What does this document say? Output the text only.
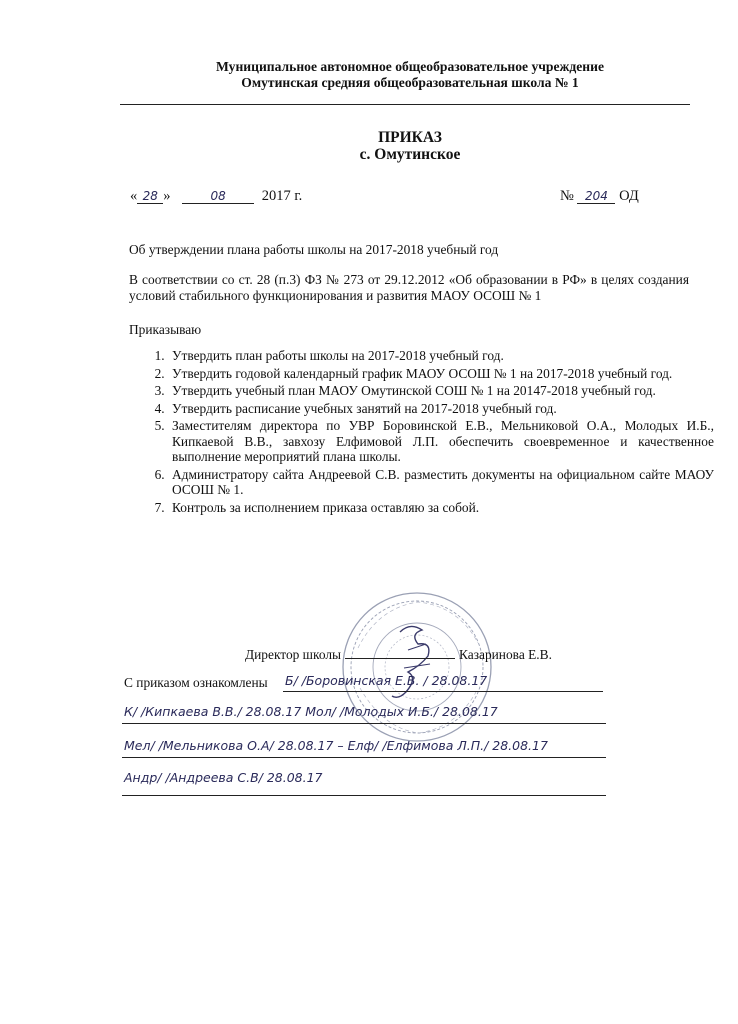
Муниципальное автономное общеобразовательное учреждение
Омутинская средняя общеобразовательная школа № 1
ПРИКАЗ
с. Омутинское
« 28 »	08 2017 г.	№ 204 ОД
Об утверждении плана работы школы на 2017-2018 учебный год
В соответствии со ст. 28 (п.3) ФЗ № 273 от 29.12.2012 «Об образовании в РФ» в целях создания условий стабильного функционирования и развития МАОУ ОСОШ № 1
Приказываю
1. Утвердить план работы школы на 2017-2018 учебный год.
2. Утвердить годовой календарный график МАОУ ОСОШ № 1 на 2017-2018 учебный год.
3. Утвердить учебный план МАОУ Омутинской СОШ № 1 на 20147-2018 учебный год.
4. Утвердить расписание учебных занятий на 2017-2018 учебный год.
5. Заместителям директора по УВР Боровинской Е.В., Мельниковой О.А., Молодых И.Б., Кипкаевой В.В., завхозу Елфимовой Л.П. обеспечить своевременное и качественное выполнение мероприятий плана школы.
6. Администратору сайта Андреевой С.В. разместить документы на официальном сайте МАОУ ОСОШ № 1.
7. Контроль за исполнением приказа оставляю за собой.
Директор школы	Казаринова Е.В.
С приказом ознакомлены Б/ /Боровинская Е.В. / 28.08.17
К/ /Кипкаева В.В./ 28.08.17 Мол/ /Молодых И.Б./ 28.08.17
Мел/ /Мельникова О.А/ 28.08.17 – Елф/ /Елфимова Л.П./ 28.08.17
Андр/ /Андреева С.В/ 28.08.17
